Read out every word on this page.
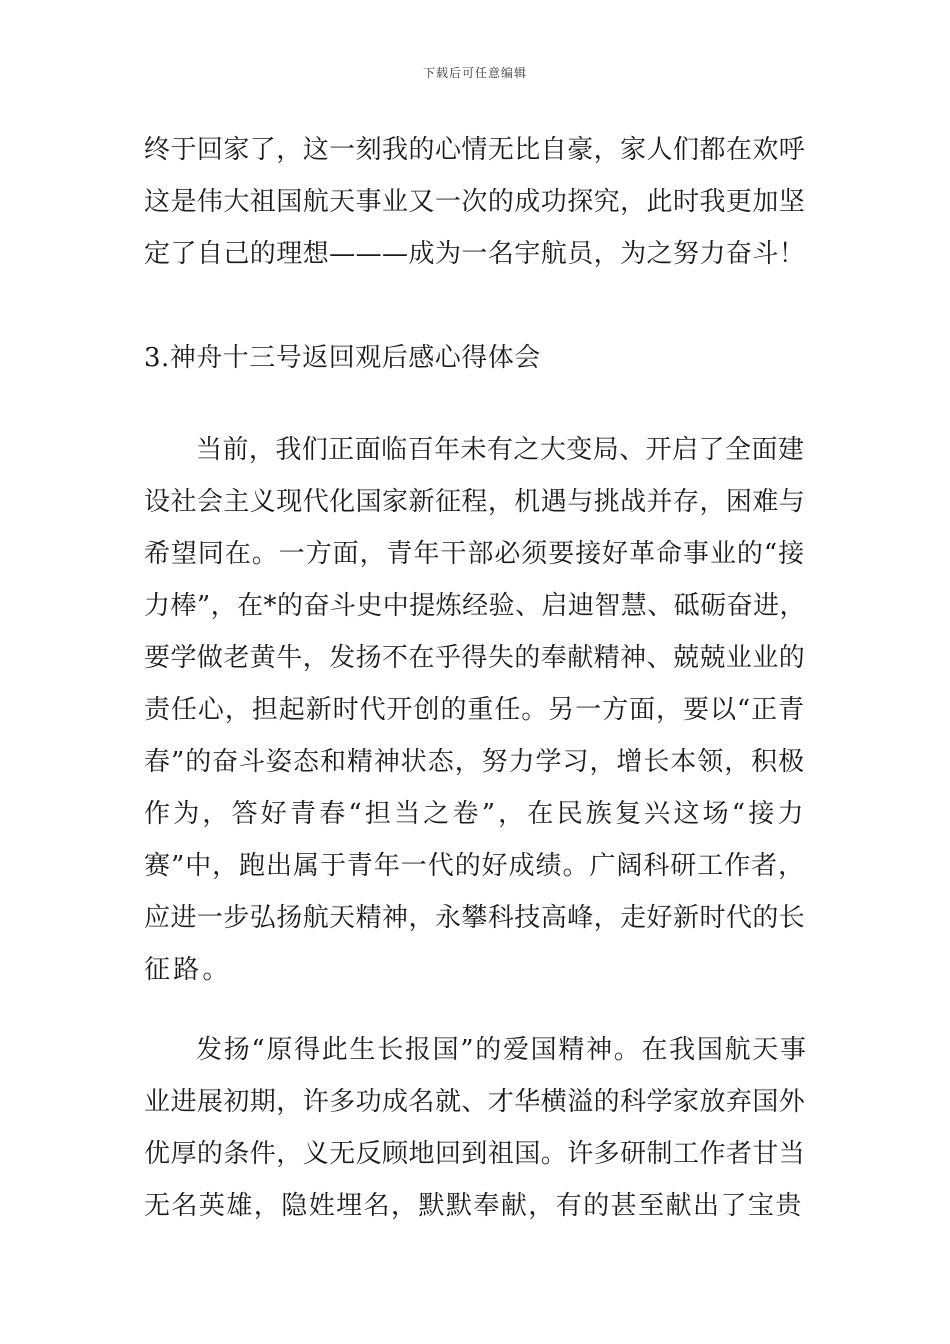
下载后可任意编辑

终于回家了，这一刻我的心情无比自豪，家人们都在欢呼
这是伟大祖国航天事业又一次的成功探究，此时我更加坚
定了自己的理想———成为一名宇航员，为之努力奋斗！

3.神舟十三号返回观后感心得体会

当前，我们正面临百年未有之大变局、开启了全面建
设社会主义现代化国家新征程，机遇与挑战并存，困难与
希望同在。一方面，青年干部必须要接好革命事业的“接
力棒”，在*的奋斗史中提炼经验、启迪智慧、砥砺奋进，
要学做老黄牛，发扬不在乎得失的奉献精神、兢兢业业的
责任心，担起新时代开创的重任。另一方面，要以“正青
春”的奋斗姿态和精神状态，努力学习，增长本领，积极
作为，答好青春“担当之卷”，在民族复兴这场“接力
赛”中，跑出属于青年一代的好成绩。广阔科研工作者，
应进一步弘扬航天精神，永攀科技高峰，走好新时代的长
征路。

发扬“原得此生长报国”的爱国精神。在我国航天事
业进展初期，许多功成名就、才华横溢的科学家放弃国外
优厚的条件，义无反顾地回到祖国。许多研制工作者甘当
无名英雄，隐姓埋名，默默奉献，有的甚至献出了宝贵
